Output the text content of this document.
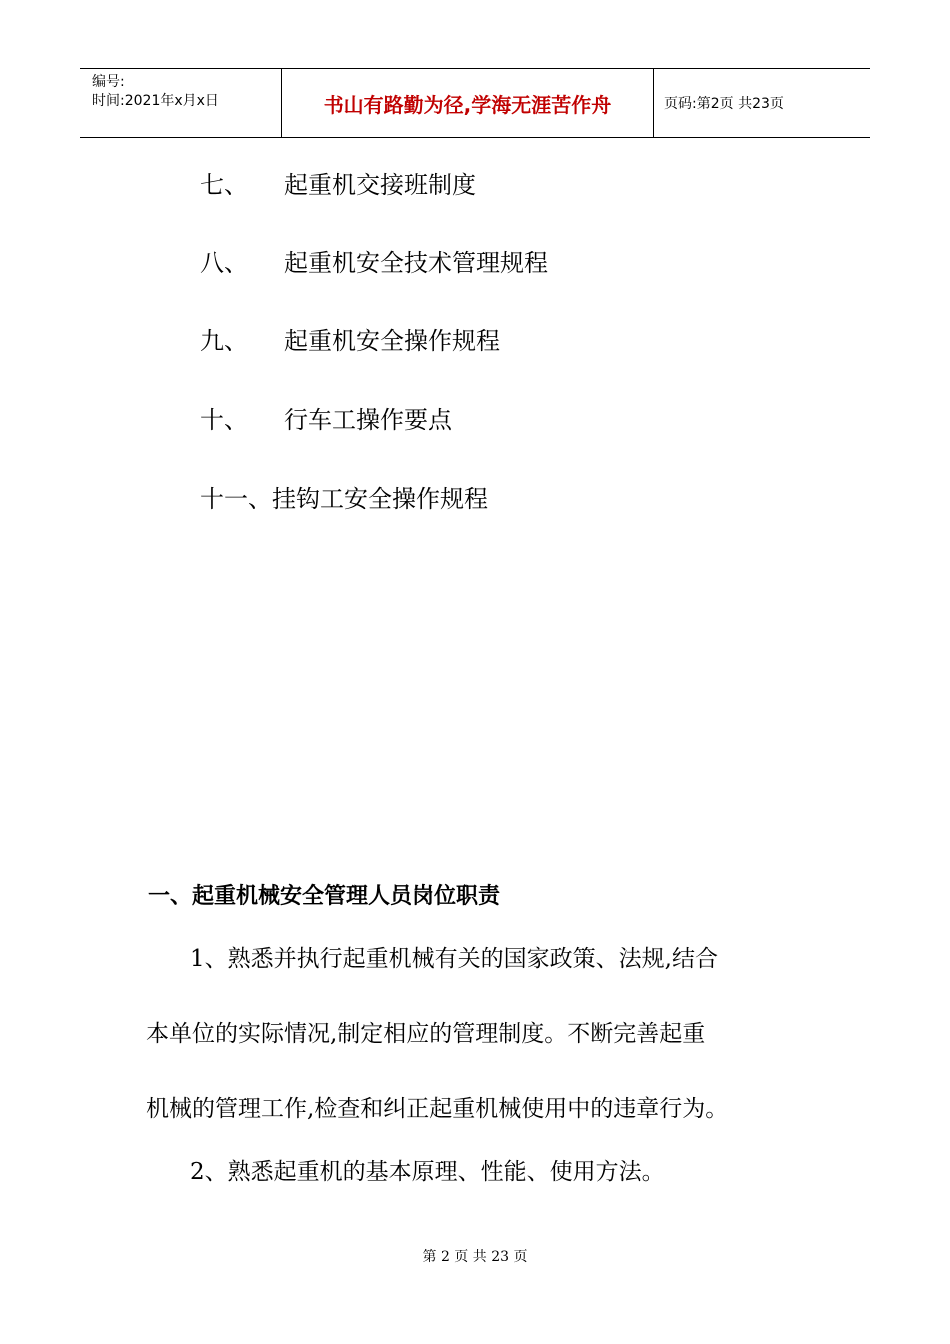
编号:
时间:2021年x月x日	书山有路勤为径,学海无涯苦作舟	页码:第2页 共23页
七、 起重机交接班制度
八、 起重机安全技术管理规程
九、 起重机安全操作规程
十、 行车工操作要点
十一、挂钩工安全操作规程
一、起重机械安全管理人员岗位职责
1、熟悉并执行起重机械有关的国家政策、法规,结合
本单位的实际情况,制定相应的管理制度。不断完善起重
机械的管理工作,检查和纠正起重机械使用中的违章行为。
2、熟悉起重机的基本原理、性能、使用方法。
第 2 页 共 23 页
